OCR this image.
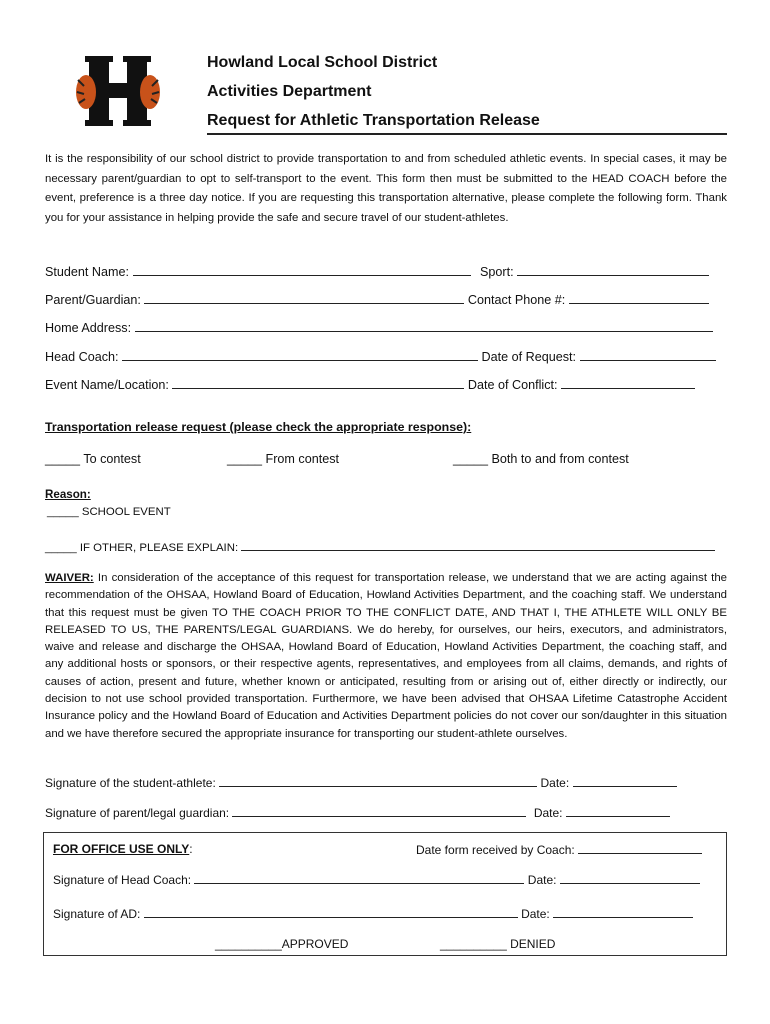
Howland Local School District
Activities Department
Request for Athletic Transportation Release
It is the responsibility of our school district to provide transportation to and from scheduled athletic events. In special cases, it may be necessary parent/guardian to opt to self-transport to the event. This form then must be submitted to the HEAD COACH before the event, preference is a three day notice. If you are requesting this transportation alternative, please complete the following form. Thank you for your assistance in helping provide the safe and secure travel of our student-athletes.
Student Name:	Sport:
Parent/Guardian:	Contact Phone #:
Home Address:
Head Coach:	Date of Request:
Event Name/Location:	Date of Conflict:
Transportation release request (please check the appropriate response):
_____ To contest	_____ From contest	_____ Both to and from contest
Reason:
_____ SCHOOL EVENT
_____ IF OTHER, PLEASE EXPLAIN:
WAIVER: In consideration of the acceptance of this request for transportation release, we understand that we are acting against the recommendation of the OHSAA, Howland Board of Education, Howland Activities Department, and the coaching staff. We understand that this request must be given TO THE COACH PRIOR TO THE CONFLICT DATE, AND THAT I, THE ATHLETE WILL ONLY BE RELEASED TO US, THE PARENTS/LEGAL GUARDIANS. We do hereby, for ourselves, our heirs, executors, and administrators, waive and release and discharge the OHSAA, Howland Board of Education, Howland Activities Department, the coaching staff, and any additional hosts or sponsors, or their respective agents, representatives, and employees from all claims, demands, and rights of causes of action, present and future, whether known or anticipated, resulting from or arising out of, either directly or indirectly, our decision to not use school provided transportation. Furthermore, we have been advised that OHSAA Lifetime Catastrophe Accident Insurance policy and the Howland Board of Education and Activities Department policies do not cover our son/daughter in this situation and we have therefore secured the appropriate insurance for transporting our student-athlete ourselves.
Signature of the student-athlete:	Date:
Signature of parent/legal guardian:	Date:
FOR OFFICE USE ONLY:	Date form received by Coach:
Signature of Head Coach:	Date:
Signature of AD:	Date:
__________APPROVED	__________ DENIED
